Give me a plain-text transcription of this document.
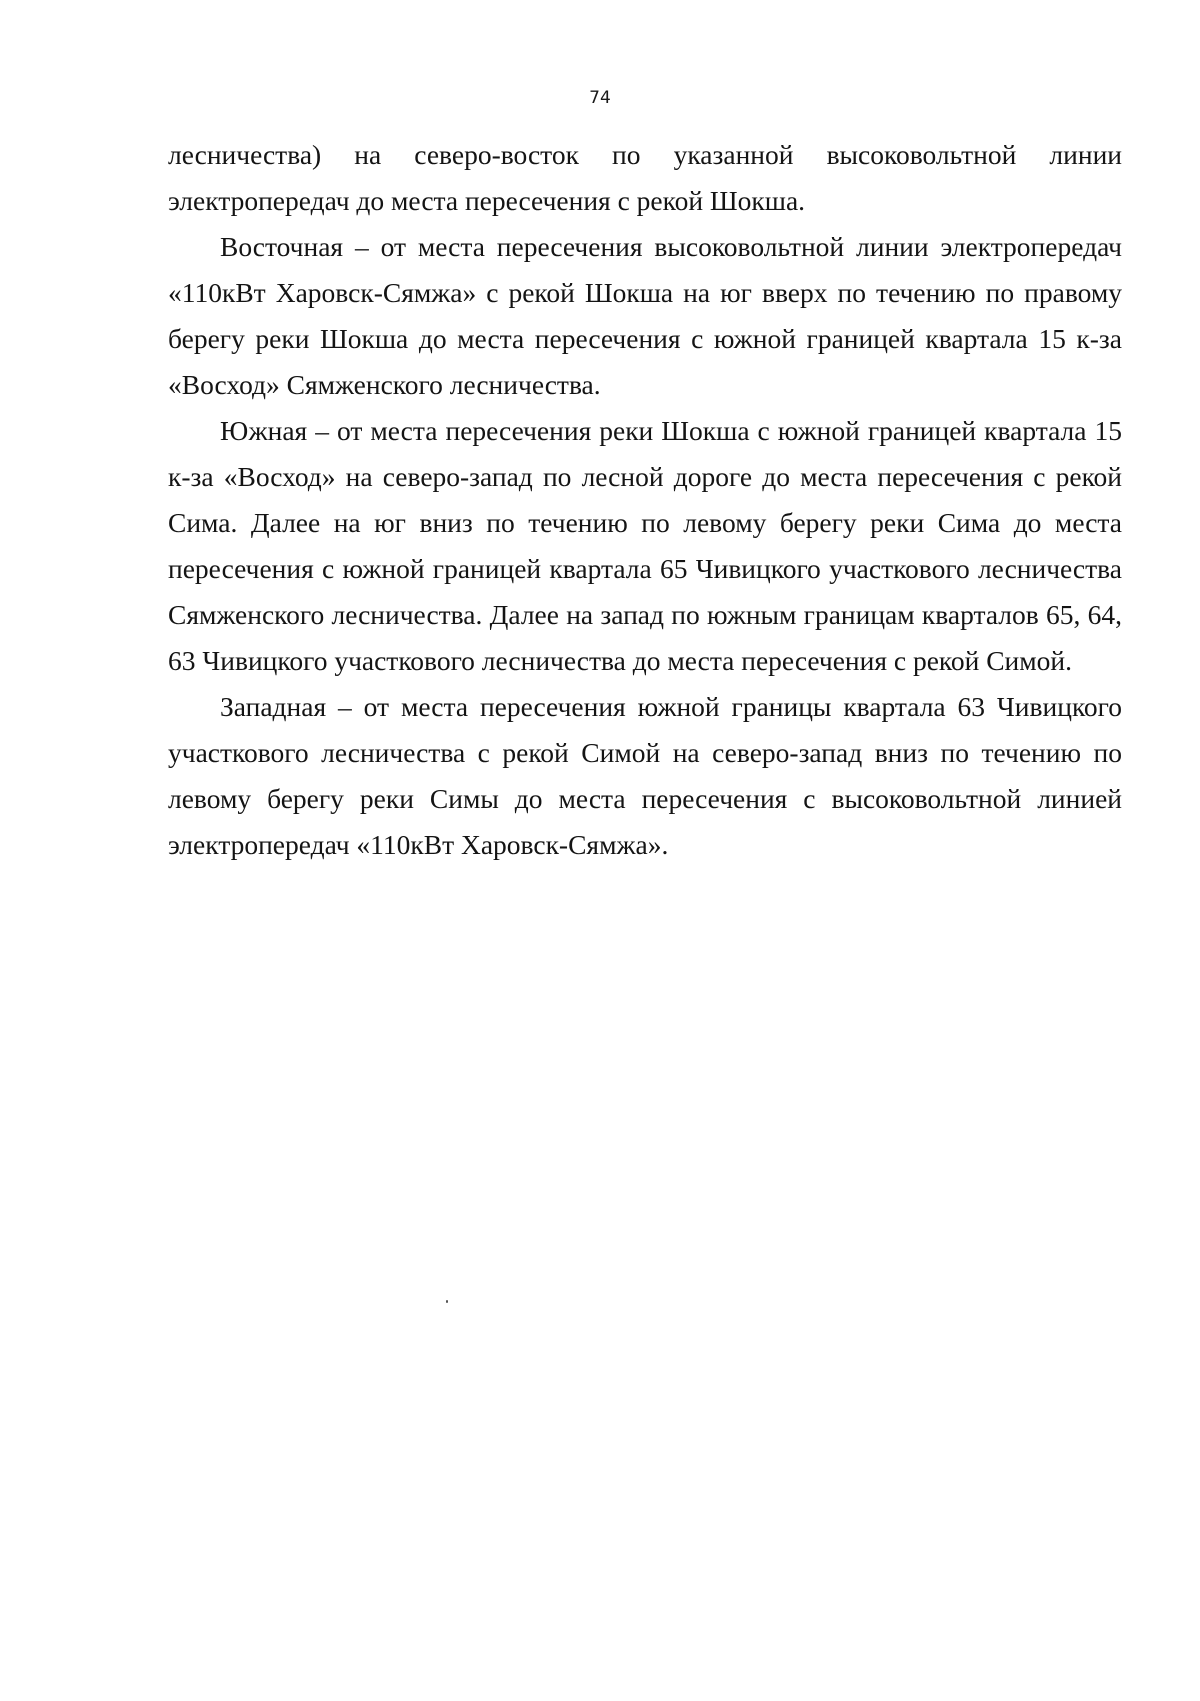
74

лесничества) на северо-восток по указанной высоковольтной линии электропередач до места пересечения с рекой Шокша.

Восточная – от места пересечения высоковольтной линии электропередач «110кВт Харовск-Сямжа» с рекой Шокша на юг вверх по течению по правому берегу реки Шокша до места пересечения с южной границей квартала 15 к-за «Восход» Сямженского лесничества.

Южная – от места пересечения реки Шокша с южной границей квартала 15 к-за «Восход» на северо-запад по лесной дороге до места пересечения с рекой Сима. Далее на юг вниз по течению по левому берегу реки Сима до места пересечения с южной границей квартала 65 Чивицкого участкового лесничества Сямженского лесничества. Далее на запад по южным границам кварталов 65, 64, 63 Чивицкого участкового лесничества до места пересечения с рекой Симой.

Западная – от места пересечения южной границы квартала 63 Чивицкого участкового лесничества с рекой Симой на северо-запад вниз по течению по левому берегу реки Симы до места пересечения с высоковольтной линией электропередач «110кВт Харовск-Сямжа».
